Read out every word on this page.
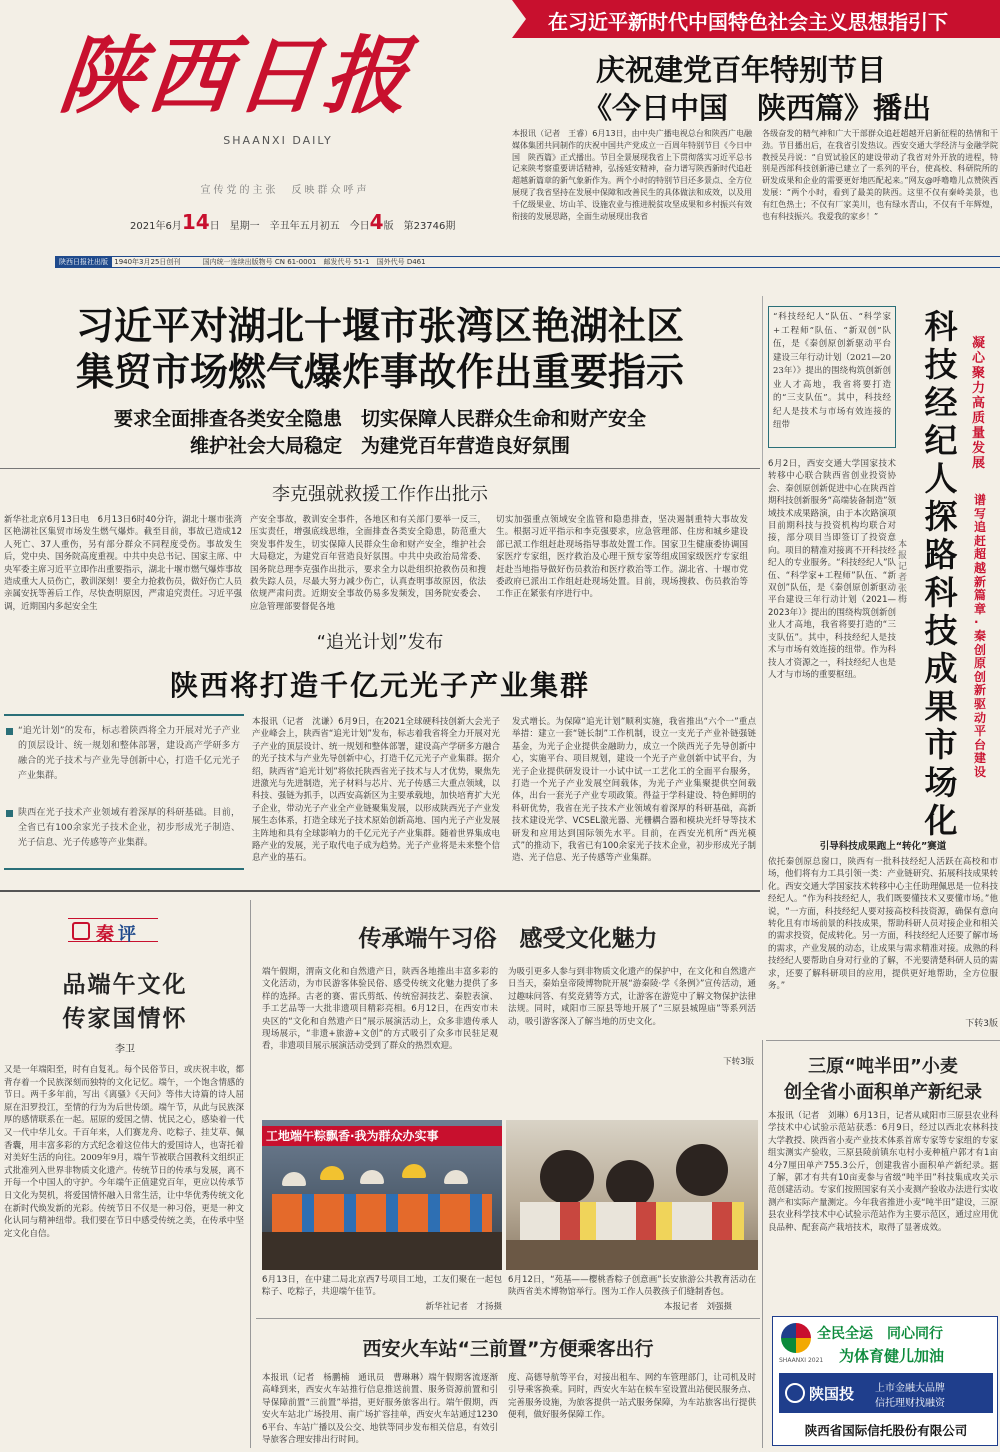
陕西日报
SHAANXI DAILY
宣传党的主张　反映群众呼声
2021年6月14日　星期一　辛丑年五月初五　今日4版　第23746期
在习近平新时代中国特色社会主义思想指引下
庆祝建党百年特别节目
《今日中国　陕西篇》播出
本报讯（记者　王睿）6月13日，由中央广播电视总台和陕西广电融媒体集团共同制作的庆祝中国共产党成立一百周年特别节目《今日中国　陕西篇》正式播出。节目全景展现我省上下贯彻落实习近平总书记来陕考察重要讲话精神，弘扬延安精神，奋力谱写陕西新时代追赶超越新篇章的新气象新作为。两个小时的特别节目还多景点、全方位展现了我省坚持在发展中保障和改善民生的具体做法和成效，以及用千亿级果业、坊山羊、设施农业与推进脱贫攻坚成果和乡村振兴有效衔接的发展思路，全面生动展现出我省
各级奋发的精气神和广大干部群众追赶超越开启新征程的热情和干劲。节目播出后，在我省引发热议。西安交通大学经济与金融学院教授吴丹说：“自贸试验区的建设带动了我省对外开放的进程，特别是西部科技创新港已建立了一系列的平台，使高校、科研院所的研发成果和企业的需要更好地匹配起来。”网友@呼噜噜儿点赞陕西发展：“两个小时，看到了最美的陕西。这里不仅有秦岭美景，也有红色热土；不仅有厂家美川，也有绿水青山，不仅有千年辉煌，也有科技振兴。我爱我的家乡！”
陕西日报社出版 1940年3月25日创刊	国内统一连续出版物号 CN 61-0001　邮发代号 51-1　国外代号 D461
习近平对湖北十堰市张湾区艳湖社区
集贸市场燃气爆炸事故作出重要指示
要求全面排查各类安全隐患　切实保障人民群众生命和财产安全
维护社会大局稳定　为建党百年营造良好氛围
李克强就救援工作作出批示
新华社北京6月13日电　6月13日6时40分许，湖北十堰市张湾区艳湖社区集贸市场发生燃气爆炸。截至目前，事故已造成12人死亡、37人重伤，另有部分群众不同程度受伤。事故发生后，党中央、国务院高度重视。中共中央总书记、国家主席、中央军委主席习近平立即作出重要指示，湖北十堰市燃气爆炸事故造成重大人员伤亡，教训深刻！要全力抢救伤员，做好伤亡人员亲属安抚等善后工作，尽快查明原因，严肃追究责任。习近平强调，近期国内多起安全生
产安全事故，教训安全事件，各地区和有关部门要举一反三，压实责任，增强底线思维，全面排查各类安全隐患，防范重大突发事件发生，切实保障人民群众生命和财产安全，维护社会大局稳定，为建党百年营造良好氛围。中共中央政治局常委、国务院总理李克强作出批示，要求全力以赴组织抢救伤员和搜救失踪人员，尽最大努力减少伤亡，认真查明事故原因，依法依规严肃问责。近期安全事故仍易多发频发，国务院安委会、应急管理部要督促各地
切实加强重点领域安全监管和隐患排查，坚决遏制重特大事故发生。根据习近平指示和李克强要求，应急管理部、住房和城乡建设部已派工作组赶赴现场指导事故处置工作。国家卫生健康委协调国家医疗专家组，医疗救治及心理干预专家等组成国家级医疗专家组赶赴当地指导做好伤员救治和医疗救治等工作。湖北省、十堰市党委政府已派出工作组赶赴现场处置。目前，现场搜救、伤员救治等工作正在紧张有序进行中。
“追光计划”发布
陕西将打造千亿元光子产业集群
“追光计划”的发布，标志着陕西将全力开展对光子产业的顶层设计、统一规划和整体部署，建设高产学研多方融合的光子技术与产业先导创新中心，打造千亿元光子产业集群。
陕西在光子技术产业领域有着深厚的科研基础。目前，全省已有100余家光子技术企业，初步形成光子制造、光子信息、光子传感等产业集群。
本报讯（记者　沈谦）6月9日，在2021全球硬科技创新大会光子产业峰会上，陕西省“追光计划”发布，标志着我省将全力开展对光子产业的顶层设计、统一规划和整体部署，建设高产学研多方融合的光子技术与产业先导创新中心，打造千亿元光子产业集群。据介绍，陕西省“追光计划”将依托陕西省光子技术与人才优势，聚焦先进激光与先进制造，光子材料与芯片、光子传感三大重点领域，以科技、强链为抓手，以西安高新区为主要承载地，加快培育扩大光子企业，带动光子产业全产业链聚集发展，以形成陕西光子产业发展生态体系，打造全球光子技术原始创新高地、国内光子产业发展主阵地和具有全球影响力的千亿元光子产业集群。随着世界集成电路产业的发展，光子取代电子成为趋势。光子产业将是未来整个信息产业的基石。
发式增长。为保障“追光计划”顺利实施，我省推出“六个一”重点举措：建立一套“链长制”工作机制，设立一支光子产业补链强链基金，为光子企业提供金融助力，成立一个陕西光子先导创新中心，实施平台、项目规划，建设一个光子产业创新中试平台，为光子企业提供研发设计一小试中试一工艺化工的全面平台服务，打造一个光子产业发展空间载体，为光子产业集聚提供空间载体，出台一套光子产业专项政策。得益于学科建设、特色鲜明的科研优势，我省在光子技术产业领域有着深厚的科研基础，高新技术建设光学、VCSEL激光器、光栅耦合器和模块光纤导等技术研发和应用达到国际领先水平。目前，在西安光机所“西光模式”的推动下，我省已有100余家光子技术企业，初步形成光子制造、光子信息、光子传感等产业集群。
“科技经纪人”队伍、“科学家+工程师”队伍、“新双创”队伍，是《秦创原创新驱动平台建设三年行动计划（2021—2023年）》提出的围绕构筑创新创业人才高地，我省将要打造的“三支队伍”。其中，科技经纪人是技术与市场有效连接的纽带
科
技
经
纪
人
探
路
科
技
成
果
市
场
化
凝心聚力高质量发展
谱写追赶超越新篇章·秦创原创新驱动平台建设
本报记者　张梅
6月2日，西安交通大学国家技术转移中心联合陕西省创业投资协会、秦创原创新促进中心在陕西首期科技创新服务“高端装备制造”领域技术成果路演，由于本次路演项目前期科技与投资机构均联合对接，部分项目当即签订了投资意向。项目的精准对接离不开科技经纪人的专业服务。“科技经纪人”队伍、“科学家+工程师”队伍、“新双创”队伍，是《秦创原创新驱动平台建设三年行动计划（2021—2023年）》提出的围绕构筑创新创业人才高地，我省将要打造的“三支队伍”。其中，科技经纪人是技术与市场有效连接的纽带。作为科技人才资源之一，科技经纪人也是人才与市场的重要枢纽。
引导科技成果跑上“转化”赛道
依托秦创原总窗口，陕西有一批科技经纪人活跃在高校和市场，他们将有力工具引领一类：产业链研究、拓展科技成果转化。西安交通大学国家技术转移中心主任助理佩思是一位科技经纪人。“作为科技经纪人，我们既要懂技术又要懂市场。”他说，“一方面，科技经纪人要对接高校科技资源，确保有意向转化且有市场前景的科技成果，帮助科研人员对接企业和相关的需求投资，促成转化。另一方面，科技经纪人还要了解市场的需求，产业发展的动态，让成果与需求精准对接。成熟的科技经纪人要帮助自身对行业的了解，不光要清楚科研人员的需求，还要了解科研项目的应用，提供更好地帮助，全方位服务。”
下转3版
秦 评
品端午文化
传家国情怀
李卫
又是一年端阳至，时有自复礼。每个民俗节日，或庆祝丰收，都背存着一个民族深刻而独特的文化记忆。端午，一个饱含情感的节日。两千多年前，写出《离骚》《天问》等伟大诗篇的诗人屈原在汨罗投江，至情的行为为后世传颂。端午节，从此与民族深厚的感情联系在一起。屈原的爱国之情、忧民之心，感染着一代又一代中华儿女。千百年来，人们赛龙舟、吃粽子、挂艾草、佩香囊，用丰富多彩的方式纪念着这位伟大的爱国诗人，也寄托着对美好生活的向往。2009年9月，端午节被联合国教科文组织正式批准列入世界非物质文化遗产。传统节日的传承与发展，离不开每一个中国人的守护。今年端午正值建党百年，更应以传承节日文化为契机，将爱国情怀融入日常生活，让中华优秀传统文化在新时代焕发新的光彩。传统节日不仅是一种习俗，更是一种文化认同与精神纽带。我们要在节日中感受传统之美，在传承中坚定文化自信。
传承端午习俗　感受文化魅力
端午假期，渭南文化和自然遗产日，陕西各地推出丰富多彩的文化活动，为市民游客体验民俗、感受传统文化魅力提供了多样的选择。古老的赛、雷氏剪纸、传统窑洞技艺、秦腔表演、手工艺品等一大批非遗项目精彩亮相。6月12日，在西安市未央区的“文化和自然遗产日”展示展演活动上，众多非遗传承人现场展示，“非遗+旅游+文创”的方式吸引了众多市民驻足观看，非遗项目展示展演活动受到了群众的热烈欢迎。
为吸引更多人参与到非物质文化遗产的保护中，在文化和自然遗产日当天，秦始皇帝陵博物院开展“游秦陵·学《条例》”宣传活动，通过趣味问答、有奖竞猜等方式，让游客在游览中了解文物保护法律法规。同时，咸阳市三原县等地开展了“三原县城隍庙”等系列活动，吸引游客深入了解当地的历史文化。
下转3版
工地端午粽飘香·我为群众办实事
6月13日，在中建二局北京西7号项目工地，工友们聚在一起包粽子、吃粽子，共迎端午佳节。
新华社记者　才扬摄
6月12日，“苑基——樱桃香粽子创意画”长安旅游公共教育活动在陕西省美术博物馆举行。图为工作人员教孩子们缝制香包。
本报记者　刘强摄
西安火车站“三前置”方便乘客出行
本报讯（记者　杨鹏楠　通讯员　曹琳琳）端午假期客流逐渐高峰到来，西安火车站推行信息推送前置、服务资源前置和引导保障前置“三前置”举措，更好服务旅客出行。端午假期，西安火车站北广场投用、南广场扩容挂单，西安火车站通过12306平台、车站广播以及公交、地铁等同步发布相关信息，有效引导旅客合理安排出行时间。
度、高德导航等平台，对接出租车、网约车管理部门，让司机及时引导乘客换乘。同时，西安火车站在候车室设置出站便民服务点、完善服务设施，为旅客提供一站式服务保障，为车站旅客出行提供便利，做好服务保障工作。
三原“吨半田”小麦
创全省小面积单产新纪录
本报讯（记者　刘琳）6月13日，记者从咸阳市三原县农业科学技术中心试验示范站获悉：6月9日，经过以西北农林科技大学教授、陕西省小麦产业技术体系首席专家等专家组的专家组实测实产验收，三原县陵前镇东屯村小麦种植户郭才有1亩4分7厘田单产755.3公斤，创建我省小面积单产新纪录。据了解，郭才有共有10亩麦参与省级“吨半田”科技集成攻关示范创建活动。专家们按照国家有关小麦测产验收办法进行实收测产和实际产量测定。今年我省推进小麦“吨半田”建设，三原县农业科学技术中心试验示范站作为主要示范区，通过应用优良品种、配套高产栽培技术，取得了显著成效。
全民全运　同心同行
SHAANXI 2021	为体育健儿加油
陕国投	上市金融大品牌
信托理财找融资
陕西省国际信托股份有限公司
